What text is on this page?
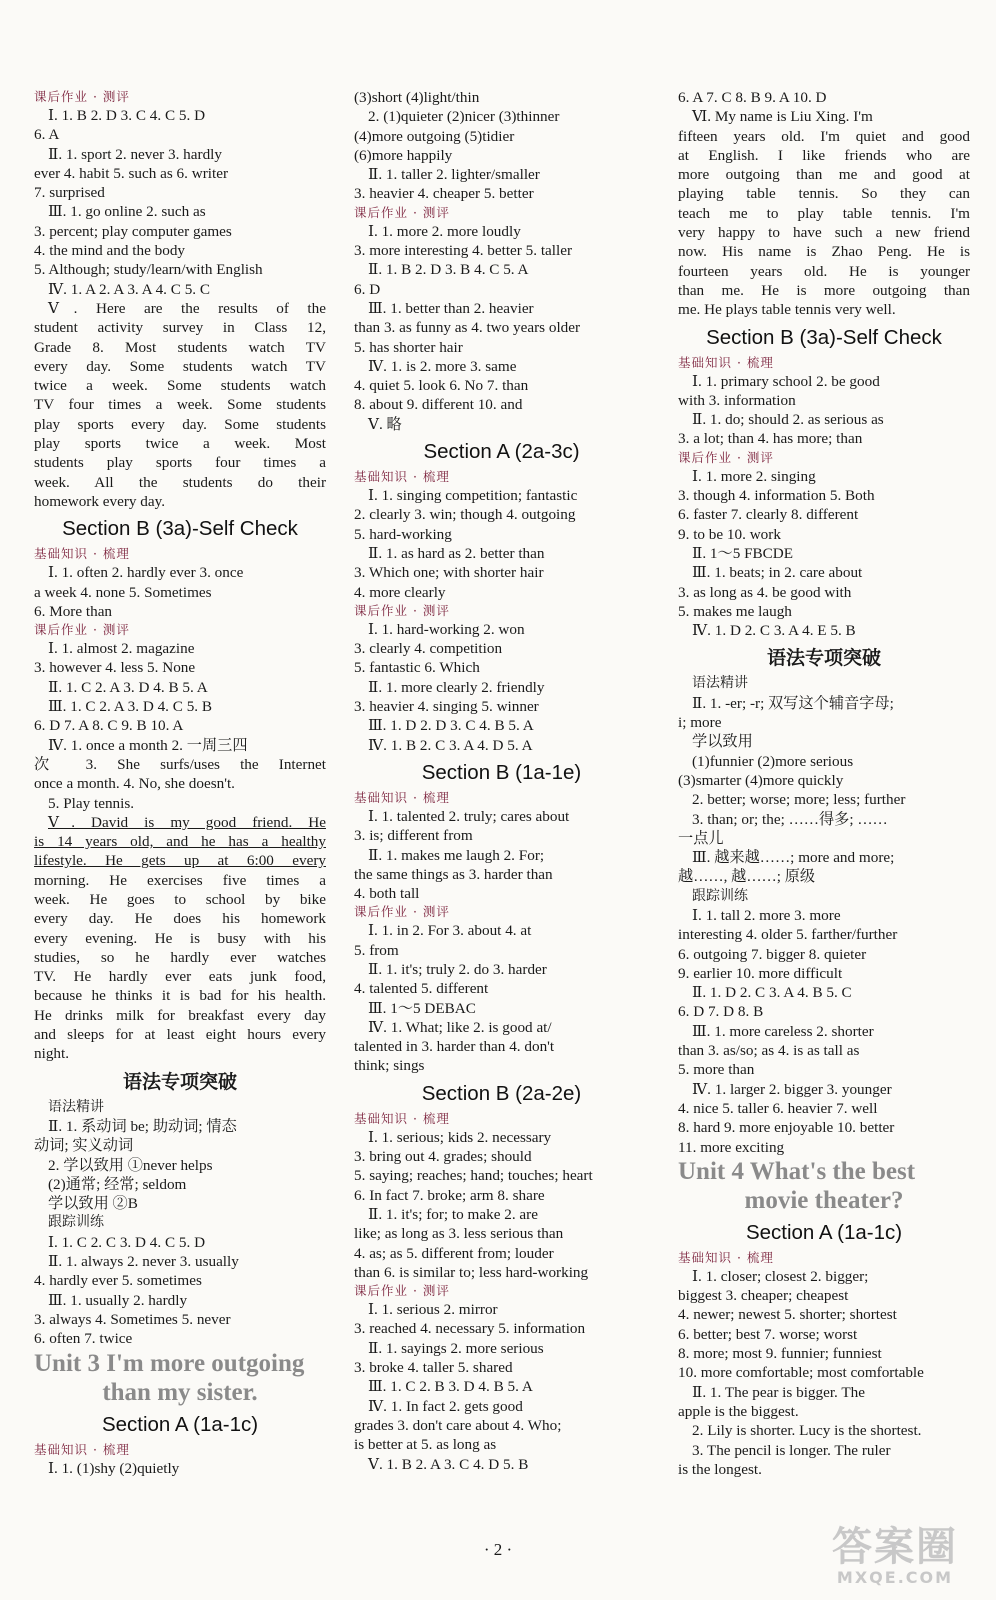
课后作业 · 测评
Ⅰ. 1. B 2. D 3. C 4. C 5. D
6. A
Ⅱ. 1. sport 2. never 3. hardly
ever 4. habit 5. such as 6. writer
7. surprised
Ⅲ. 1. go online 2. such as
3. percent; play computer games
4. the mind and the body
5. Although; study/learn/with English
Ⅳ. 1. A 2. A 3. A 4. C 5. C
Ⅴ. Here are the results of the
student activity survey in Class 12,
Grade 8. Most students watch TV
every day. Some students watch TV
twice a week. Some students watch
TV four times a week. Some students
play sports every day. Some students
play sports twice a week. Most
students play sports four times a
week. All the students do their
homework every day.
Section B (3a)-Self Check
基础知识 · 梳理
Ⅰ. 1. often 2. hardly ever 3. once
a week 4. none 5. Sometimes
6. More than
课后作业 · 测评
Ⅰ. 1. almost 2. magazine
3. however 4. less 5. None
Ⅱ. 1. C 2. A 3. D 4. B 5. A
Ⅲ. 1. C 2. A 3. D 4. C 5. B
6. D 7. A 8. C 9. B 10. A
Ⅳ. 1. once a month 2. 一周三四
次 3. She surfs/uses the Internet
once a month. 4. No, she doesn't.
5. Play tennis.
Ⅴ. David is my good friend. He
is 14 years old, and he has a healthy
lifestyle. He gets up at 6:00 every
morning. He exercises five times a
week. He goes to school by bike
every day. He does his homework
every evening. He is busy with his
studies, so he hardly ever watches
TV. He hardly ever eats junk food,
because he thinks it is bad for his health.
He drinks milk for breakfast every day
and sleeps for at least eight hours every
night.
语法专项突破
语法精讲
Ⅱ. 1. 系动词 be; 助动词; 情态
动词; 实义动词
2. 学以致用 ①never helps
(2)通常; 经常; seldom
学以致用 ②B
跟踪训练
Ⅰ. 1. C 2. C 3. D 4. C 5. D
Ⅱ. 1. always 2. never 3. usually
4. hardly ever 5. sometimes
Ⅲ. 1. usually 2. hardly
3. always 4. Sometimes 5. never
6. often 7. twice
Unit 3 I'm more outgoing
than my sister.
Section A (1a-1c)
基础知识 · 梳理
Ⅰ. 1. (1)shy (2)quietly
(3)short (4)light/thin
2. (1)quieter (2)nicer (3)thinner
(4)more outgoing (5)tidier
(6)more happily
Ⅱ. 1. taller 2. lighter/smaller
3. heavier 4. cheaper 5. better
课后作业 · 测评
Ⅰ. 1. more 2. more loudly
3. more interesting 4. better 5. taller
Ⅱ. 1. B 2. D 3. B 4. C 5. A
6. D
Ⅲ. 1. better than 2. heavier
than 3. as funny as 4. two years older
5. has shorter hair
Ⅳ. 1. is 2. more 3. same
4. quiet 5. look 6. No 7. than
8. about 9. different 10. and
Ⅴ. 略
Section A (2a-3c)
基础知识 · 梳理
Ⅰ. 1. singing competition; fantastic
2. clearly 3. win; though 4. outgoing
5. hard-working
Ⅱ. 1. as hard as 2. better than
3. Which one; with shorter hair
4. more clearly
课后作业 · 测评
Ⅰ. 1. hard-working 2. won
3. clearly 4. competition
5. fantastic 6. Which
Ⅱ. 1. more clearly 2. friendly
3. heavier 4. singing 5. winner
Ⅲ. 1. D 2. D 3. C 4. B 5. A
Ⅳ. 1. B 2. C 3. A 4. D 5. A
Section B (1a-1e)
基础知识 · 梳理
Ⅰ. 1. talented 2. truly; cares about
3. is; different from
Ⅱ. 1. makes me laugh 2. For;
the same things as 3. harder than
4. both tall
课后作业 · 测评
Ⅰ. 1. in 2. For 3. about 4. at
5. from
Ⅱ. 1. it's; truly 2. do 3. harder
4. talented 5. different
Ⅲ. 1～5 DEBAC
Ⅳ. 1. What; like 2. is good at/
talented in 3. harder than 4. don't
think; sings
Section B (2a-2e)
基础知识 · 梳理
Ⅰ. 1. serious; kids 2. necessary
3. bring out 4. grades; should
5. saying; reaches; hand; touches; heart
6. In fact 7. broke; arm 8. share
Ⅱ. 1. it's; for; to make 2. are
like; as long as 3. less serious than
4. as; as 5. different from; louder
than 6. is similar to; less hard-working
课后作业 · 测评
Ⅰ. 1. serious 2. mirror
3. reached 4. necessary 5. information
Ⅱ. 1. sayings 2. more serious
3. broke 4. taller 5. shared
Ⅲ. 1. C 2. B 3. D 4. B 5. A
Ⅳ. 1. In fact 2. gets good
grades 3. don't care about 4. Who;
is better at 5. as long as
Ⅴ. 1. B 2. A 3. C 4. D 5. B
6. A 7. C 8. B 9. A 10. D
Ⅵ. My name is Liu Xing. I'm
fifteen years old. I'm quiet and good
at English. I like friends who are
more outgoing than me and good at
playing table tennis. So they can
teach me to play table tennis. I'm
very happy to have such a new friend
now. His name is Zhao Peng. He is
fourteen years old. He is younger
than me. He is more outgoing than
me. He plays table tennis very well.
Section B (3a)-Self Check
基础知识 · 梳理
Ⅰ. 1. primary school 2. be good
with 3. information
Ⅱ. 1. do; should 2. as serious as
3. a lot; than 4. has more; than
课后作业 · 测评
Ⅰ. 1. more 2. singing
3. though 4. information 5. Both
6. faster 7. clearly 8. different
9. to be 10. work
Ⅱ. 1～5 FBCDE
Ⅲ. 1. beats; in 2. care about
3. as long as 4. be good with
5. makes me laugh
Ⅳ. 1. D 2. C 3. A 4. E 5. B
语法专项突破
语法精讲
Ⅱ. 1. -er; -r; 双写这个辅音字母;
i; more
学以致用
(1)funnier (2)more serious
(3)smarter (4)more quickly
2. better; worse; more; less; further
3. than; or; the; ……得多; ……
一点儿
Ⅲ. 越来越……; more and more;
越……, 越……; 原级
跟踪训练
Ⅰ. 1. tall 2. more 3. more
interesting 4. older 5. farther/further
6. outgoing 7. bigger 8. quieter
9. earlier 10. more difficult
Ⅱ. 1. D 2. C 3. A 4. B 5. C
6. D 7. D 8. B
Ⅲ. 1. more careless 2. shorter
than 3. as/so; as 4. is as tall as
5. more than
Ⅳ. 1. larger 2. bigger 3. younger
4. nice 5. taller 6. heavier 7. well
8. hard 9. more enjoyable 10. better
11. more exciting
Unit 4 What's the best
movie theater?
Section A (1a-1c)
基础知识 · 梳理
Ⅰ. 1. closer; closest 2. bigger;
biggest 3. cheaper; cheapest
4. newer; newest 5. shorter; shortest
6. better; best 7. worse; worst
8. more; most 9. funnier; funniest
10. more comfortable; most comfortable
Ⅱ. 1. The pear is bigger. The
apple is the biggest.
2. Lily is shorter. Lucy is the shortest.
3. The pencil is longer. The ruler
is the longest.
· 2 ·	答案圈
MXQE.COM
